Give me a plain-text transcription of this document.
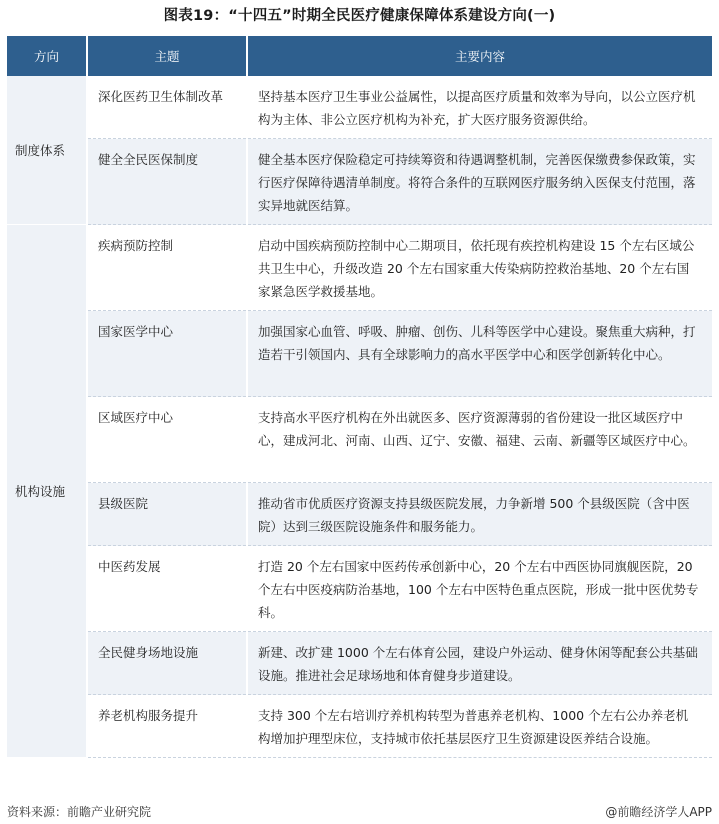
图表19：“十四五”时期全民医疗健康保障体系建设方向(一)
方向	主题	主要内容
制度体系	深化医药卫生体制改革	坚持基本医疗卫生事业公益属性，以提高医疗质量和效率为导向，以公立医疗机构为主体、非公立医疗机构为补充，扩大医疗服务资源供给。
	健全全民医保制度	健全基本医疗保险稳定可持续筹资和待遇调整机制，完善医保缴费参保政策，实行医疗保障待遇清单制度。将符合条件的互联网医疗服务纳入医保支付范围，落实异地就医结算。
机构设施	疾病预防控制	启动中国疾病预防控制中心二期项目，依托现有疾控机构建设 15 个左右区域公共卫生中心，升级改造 20 个左右国家重大传染病防控救治基地、20 个左右国家紧急医学救援基地。
	国家医学中心	加强国家心血管、呼吸、肿瘤、创伤、儿科等医学中心建设。聚焦重大病种，打造若干引领国内、具有全球影响力的高水平医学中心和医学创新转化中心。
	区域医疗中心	支持高水平医疗机构在外出就医多、医疗资源薄弱的省份建设一批区域医疗中心，建成河北、河南、山西、辽宁、安徽、福建、云南、新疆等区域医疗中心。
	县级医院	推动省市优质医疗资源支持县级医院发展，力争新增 500 个县级医院（含中医院）达到三级医院设施条件和服务能力。
	中医药发展	打造 20 个左右国家中医药传承创新中心，20 个左右中西医协同旗舰医院，20 个左右中医疫病防治基地，100 个左右中医特色重点医院，形成一批中医优势专科。
	全民健身场地设施	新建、改扩建 1000 个左右体育公园，建设户外运动、健身休闲等配套公共基础设施。推进社会足球场地和体育健身步道建设。
	养老机构服务提升	支持 300 个左右培训疗养机构转型为普惠养老机构、1000 个左右公办养老机构增加护理型床位，支持城市依托基层医疗卫生资源建设医养结合设施。
资料来源：前瞻产业研究院	@前瞻经济学人APP
